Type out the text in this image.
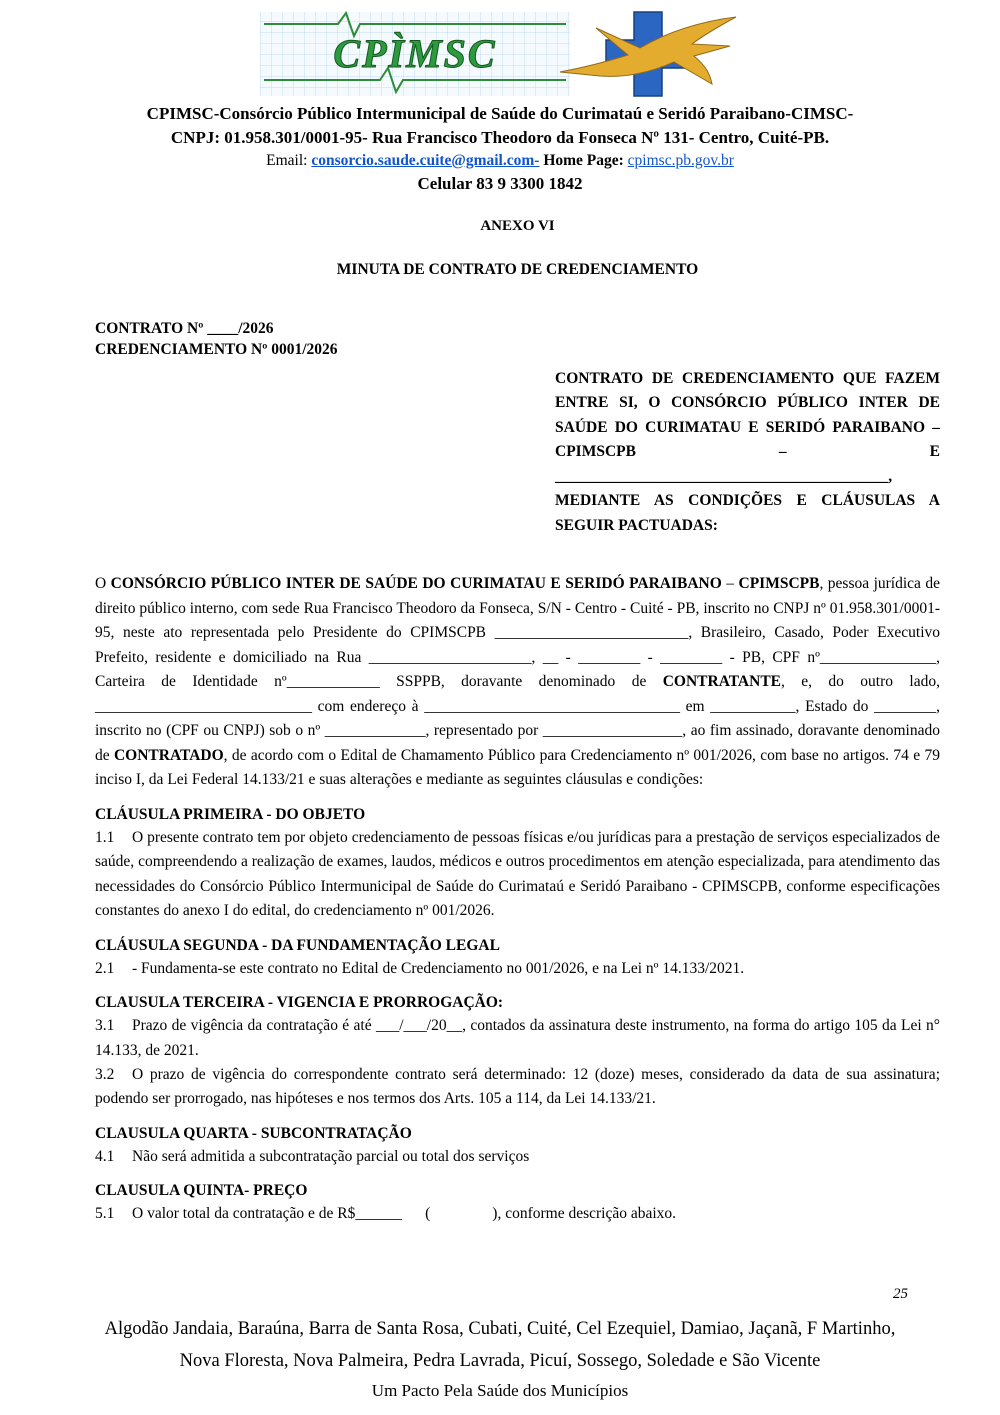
CPÌMSC
CPIMSC-Consórcio Público Intermunicipal de Saúde do Curimataú e Seridó Paraibano-CIMSC-
CNPJ: 01.958.301/0001-95- Rua Francisco Theodoro da Fonseca Nº 131- Centro, Cuité-PB.
Email: consorcio.saude.cuite@gmail.com- Home Page: cpimsc.pb.gov.br
Celular 83 9 3300 1842
ANEXO VI
MINUTA DE CONTRATO DE CREDENCIAMENTO
CONTRATO Nº ____/2026
CREDENCIAMENTO Nº 0001/2026

CONTRATO DE CREDENCIAMENTO QUE FAZEM ENTRE SI, O CONSÓRCIO PÚBLICO INTER DE SAÚDE DO CURIMATAU E SERIDÓ PARAIBANO – CPIMSCPB – E ___________________________________________, MEDIANTE AS CONDIÇÕES E CLÁUSULAS A SEGUIR PACTUADAS:

O CONSÓRCIO PÚBLICO INTER DE SAÚDE DO CURIMATAU E SERIDÓ PARAIBANO – CPIMSCPB, pessoa jurídica de direito público interno, com sede Rua Francisco Theodoro da Fonseca, S/N - Centro - Cuité - PB, inscrito no CNPJ nº 01.958.301/0001-95, neste ato representada pelo Presidente do CPIMSCPB _________________________, Brasileiro, Casado, Poder Executivo Prefeito, residente e domiciliado na Rua _____________________, __ - ________ - ________ - PB, CPF nº_______________, Carteira de Identidade nº____________ SSPPB, doravante denominado de CONTRATANTE, e, do outro lado, ____________________________ com endereço à _________________________________ em ___________, Estado do ________, inscrito no (CPF ou CNPJ) sob o nº _____________, representado por __________________, ao fim assinado, doravante denominado de CONTRATADO, de acordo com o Edital de Chamamento Público para Credenciamento nº 001/2026, com base no artigos. 74 e 79 inciso I, da Lei Federal 14.133/21 e suas alterações e mediante as seguintes cláusulas e condições:

CLÁUSULA PRIMEIRA - DO OBJETO

1.1 O presente contrato tem por objeto credenciamento de pessoas físicas e/ou jurídicas para a prestação de serviços especializados de saúde, compreendendo a realização de exames, laudos, médicos e outros procedimentos em atenção especializada, para atendimento das necessidades do Consórcio Público Intermunicipal de Saúde do Curimataú e Seridó Paraibano - CPIMSCPB, conforme especificações constantes do anexo I do edital, do credenciamento nº 001/2026.

CLÁUSULA SEGUNDA - DA FUNDAMENTAÇÃO LEGAL

2.1 - Fundamenta-se este contrato no Edital de Credenciamento no 001/2026, e na Lei nº 14.133/2021.

CLAUSULA TERCEIRA - VIGENCIA E PRORROGAÇÃO:

3.1 Prazo de vigência da contratação é até ___/___/20__, contados da assinatura deste instrumento, na forma do artigo 105 da Lei n° 14.133, de 2021.

3.2 O prazo de vigência do correspondente contrato será determinado: 12 (doze) meses, considerado da data de sua assinatura; podendo ser prorrogado, nas hipóteses e nos termos dos Arts. 105 a 114, da Lei 14.133/21.

CLAUSULA QUARTA - SUBCONTRATAÇÃO

4.1 Não será admitida a subcontratação parcial ou total dos serviços

CLAUSULA QUINTA- PREÇO

5.1 O valor total da contratação e de R$______  (    ), conforme descrição abaixo.

25
Algodão Jandaia, Baraúna, Barra de Santa Rosa, Cubati, Cuité, Cel Ezequiel, Damiao, Jaçanã, F Martinho, Nova Floresta, Nova Palmeira, Pedra Lavrada, Picuí, Sossego, Soledade e São Vicente
Um Pacto Pela Saúde dos Municípios
